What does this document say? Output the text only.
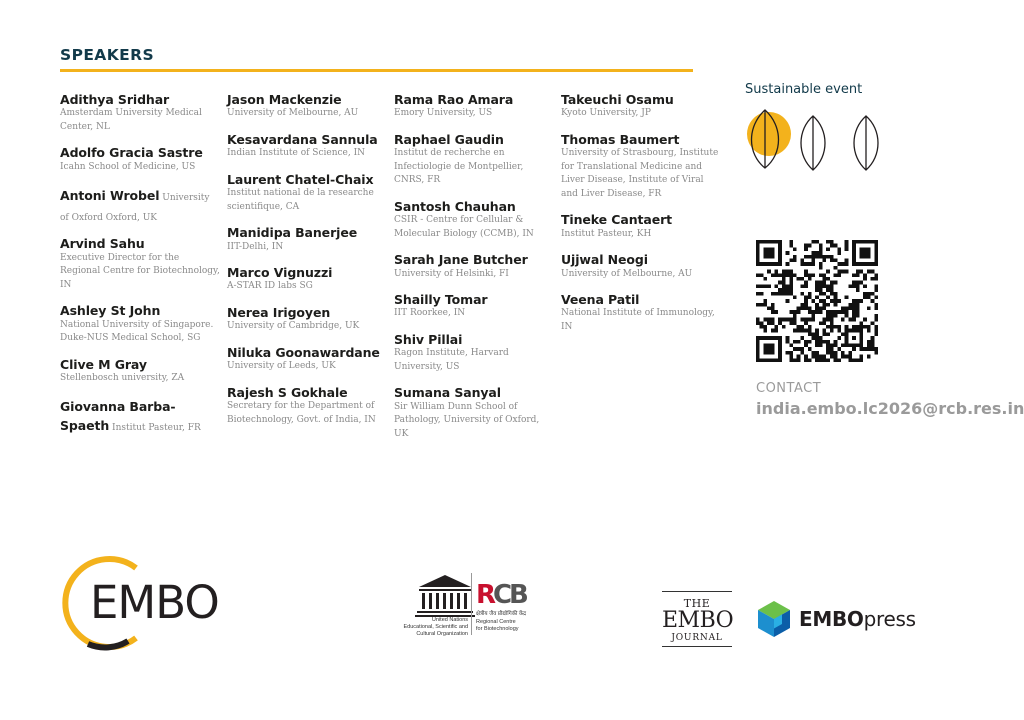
SPEAKERS
Adithya Sridhar
Amsterdam University Medical Center, NL
Adolfo Gracia Sastre
Icahn School of Medicine, US
Antoni Wrobel University of Oxford Oxford, UK
Arvind Sahu
Executive Director for the Regional Centre for Biotechnology, IN
Ashley St John
National University of Singapore. Duke-NUS Medical School, SG
Clive M Gray
Stellenbosch university, ZA
Giovanna Barba-Spaeth Institut Pasteur, FR
Jason Mackenzie
University of Melbourne, AU
Kesavardana Sannula
Indian Institute of Science, IN
Laurent Chatel-Chaix
Institut national de la researche scientifique, CA
Manidipa Banerjee
IIT-Delhi, IN
Marco Vignuzzi
A-STAR ID labs SG
Nerea Irigoyen
University of Cambridge, UK
Niluka Goonawardane
University of Leeds, UK
Rajesh S Gokhale
Secretary for the Department of Biotechnology, Govt. of India, IN
Rama Rao Amara
Emory University, US
Raphael Gaudin
Institut de recherche en Infectiologie de Montpellier, CNRS, FR
Santosh Chauhan
CSIR - Centre for Cellular & Molecular Biology (CCMB), IN
Sarah Jane Butcher
University of Helsinki, FI
Shailly Tomar
IIT Roorkee, IN
Shiv Pillai
Ragon Institute, Harvard University, US
Sumana Sanyal
Sir William Dunn School of Pathology, University of Oxford, UK
Takeuchi Osamu
Kyoto University, JP
Thomas Baumert
University of Strasbourg, Institute for Translational Medicine and Liver Disease, Institute of Viral and Liver Disease, FR
Tineke Cantaert
Institut Pasteur, KH
Ujjwal Neogi
University of Melbourne, AU
Veena Patil
National Institute of Immunology, IN
Sustainable event
CONTACT
india.embo.lc2026@rcb.res.in
EMBO	R
C
B
United Nations
Educational, Scientific and
Cultural Organization
क्षेत्रीय जैव प्रौद्योगिकी केंद्र
Regional Centre
for Biotechnology
THE
EMBO
JOURNAL
EMBOpress
